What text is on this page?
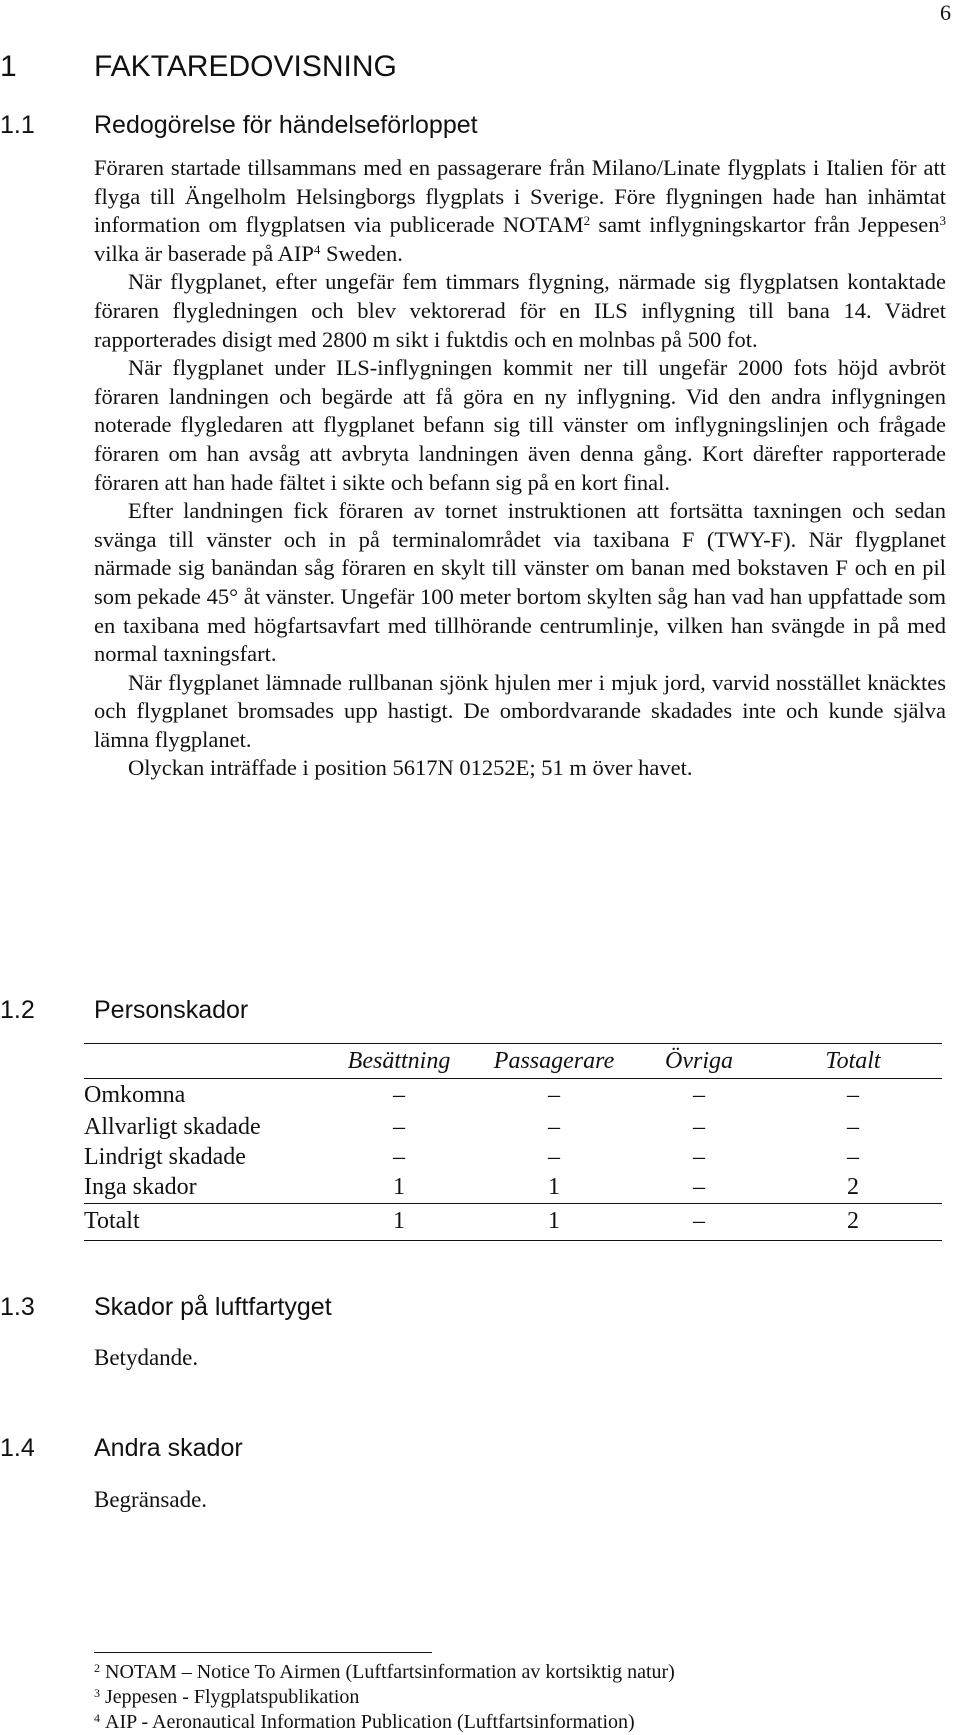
6
1	FAKTAREDOVISNING
1.1	Redogörelse för händelseförloppet

Föraren startade tillsammans med en passagerare från Milano/Linate flygplats i Italien för att flyga till Ängelholm Helsingborgs flygplats i Sverige. Före flygningen hade han inhämtat information om flygplatsen via publicerade NOTAM$^2$ samt inflygningskartor från Jeppesen$^3$ vilka är baserade på AIP$^4$ Sweden.

När flygplanet, efter ungefär fem timmars flygning, närmade sig flygplatsen kontaktade föraren flygledningen och blev vektorerad för en ILS inflygning till bana 14. Vädret rapporterades disigt med 2800 m sikt i fuktdis och en molnbas på 500 fot.

När flygplanet under ILS-inflygningen kommit ner till ungefär 2000 fots höjd avbröt föraren landningen och begärde att få göra en ny inflygning. Vid den andra inflygningen noterade flygledaren att flygplanet befann sig till vänster om inflygningslinjen och frågade föraren om han avsåg att avbryta landningen även denna gång. Kort därefter rapporterade föraren att han hade fältet i sikte och befann sig på en kort final.

Efter landningen fick föraren av tornet instruktionen att fortsätta taxningen och sedan svänga till vänster och in på terminalområdet via taxibana F (TWY-F). När flygplanet närmade sig banändan såg föraren en skylt till vänster om banan med bokstaven F och en pil som pekade 45° åt vänster. Ungefär 100 meter bortom skylten såg han vad han uppfattade som en taxibana med högfartsavfart med tillhörande centrumlinje, vilken han svängde in på med normal taxningsfart.

När flygplanet lämnade rullbanan sjönk hjulen mer i mjuk jord, varvid nosstället knäcktes och flygplanet bromsades upp hastigt. De ombordvarande skadades inte och kunde själva lämna flygplanet.

Olyckan inträffade i position 5617N 01252E; 51 m över havet.

1.2	Personskador
	Besättning	Passagerare	Övriga	Totalt
Omkomna	–	–	–	–
Allvarligt skadade	–	–	–	–
Lindrigt skadade	–	–	–	–
Inga skador	1	1	–	2
Totalt	1	1	–	2
1.3	Skador på luftfartyget
Betydande.
1.4	Andra skador
Begränsade.
$^2$ NOTAM – Notice To Airmen (Luftfartsinformation av kortsiktig natur)
$^3$ Jeppesen - Flygplatspublikation
$^4$ AIP - Aeronautical Information Publication (Luftfartsinformation)
